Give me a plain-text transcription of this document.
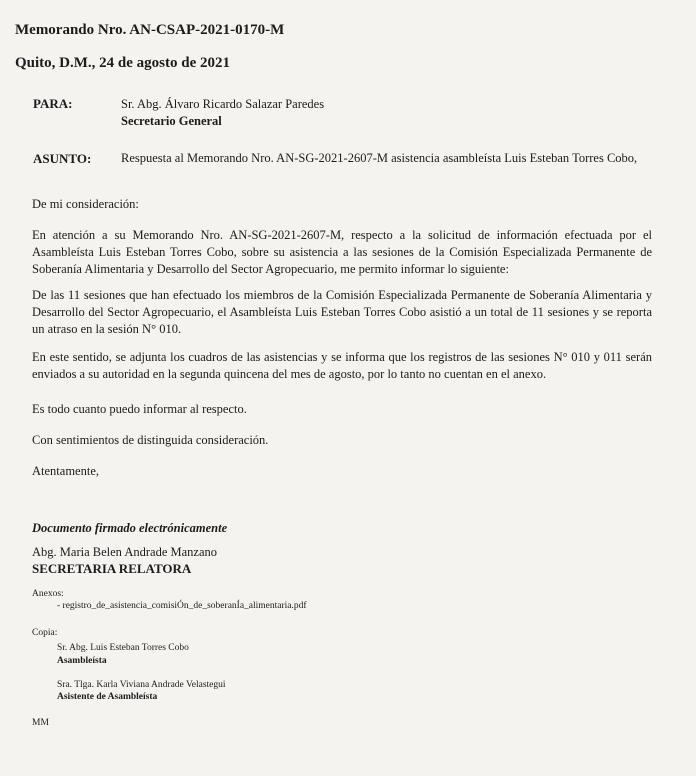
Memorando Nro. AN-CSAP-2021-0170-M
Quito, D.M., 24 de agosto de 2021
PARA:	Sr. Abg. Álvaro Ricardo Salazar Paredes
Secretario General
ASUNTO: Respuesta al Memorando Nro. AN-SG-2021-2607-M asistencia asambleísta Luis Esteban Torres Cobo,
De mi consideración:
En atención a su Memorando Nro. AN-SG-2021-2607-M, respecto a la solicitud de información efectuada por el Asambleísta Luis Esteban Torres Cobo, sobre su asistencia a las sesiones de la Comisión Especializada Permanente de Soberanía Alimentaria y Desarrollo del Sector Agropecuario, me permito informar lo siguiente:
De las 11 sesiones que han efectuado los miembros de la Comisión Especializada Permanente de Soberanía Alimentaria y Desarrollo del Sector Agropecuario, el Asambleísta Luis Esteban Torres Cobo asistió a un total de 11 sesiones y se reporta un atraso en la sesión N° 010.
En este sentido, se adjunta los cuadros de las asistencias y se informa que los registros de las sesiones N° 010 y 011 serán enviados a su autoridad en la segunda quincena del mes de agosto, por lo tanto no cuentan en el anexo.
Es todo cuanto puedo informar al respecto.
Con sentimientos de distinguida consideración.
Atentamente,
Documento firmado electrónicamente
Abg. Maria Belen Andrade Manzano
SECRETARIA RELATORA
Anexos:
- registro_de_asistencia_comisiÓn_de_soberanÍa_alimentaria.pdf
Copia:
Sr. Abg. Luis Esteban Torres Cobo
Asambleísta
Sra. Tlga. Karla Viviana Andrade Velastegui
Asistente de Asambleísta
MM
